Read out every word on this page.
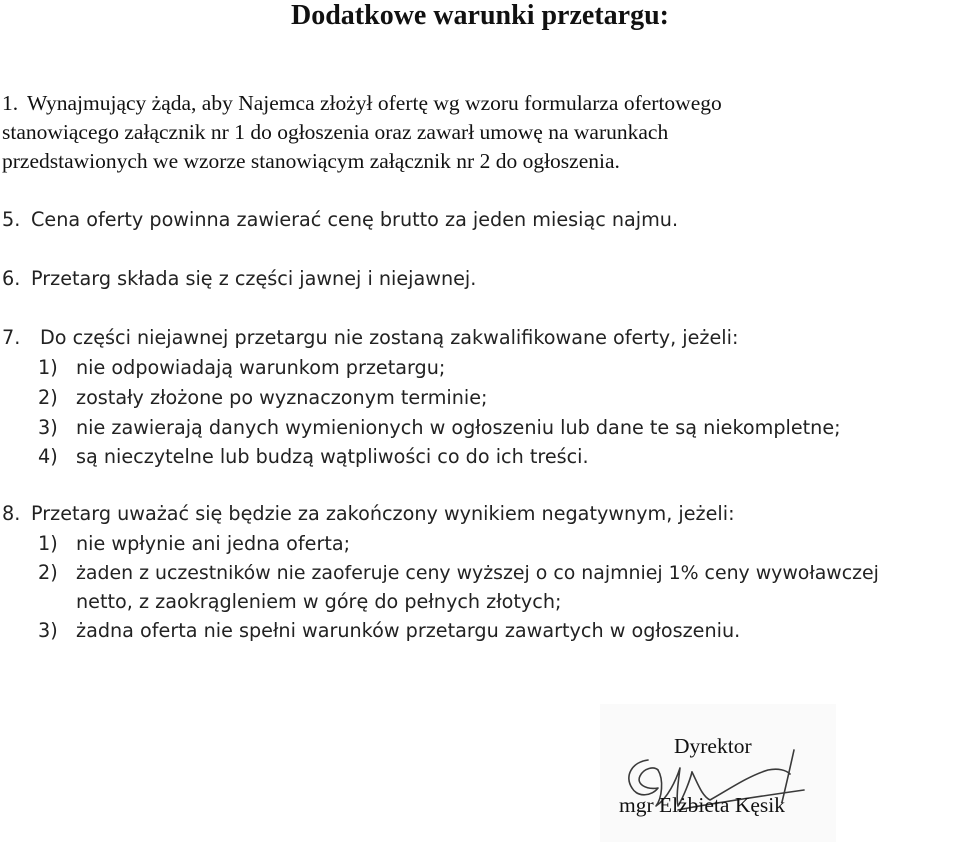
Dodatkowe warunki przetargu:
1. Wynajmujący żąda, aby Najemca złożył ofertę wg wzoru formularza ofertowego
stanowiącego załącznik nr 1 do ogłoszenia oraz zawarł umowę na warunkach
przedstawionych we wzorze stanowiącym załącznik nr 2 do ogłoszenia.
5. Cena oferty powinna zawierać cenę brutto za jeden miesiąc najmu.
6. Przetarg składa się z części jawnej i niejawnej.
7. Do części niejawnej przetargu nie zostaną zakwalifikowane oferty, jeżeli:
1) nie odpowiadają warunkom przetargu;
2) zostały złożone po wyznaczonym terminie;
3) nie zawierają danych wymienionych w ogłoszeniu lub dane te są niekompletne;
4) są nieczytelne lub budzą wątpliwości co do ich treści.
8. Przetarg uważać się będzie za zakończony wynikiem negatywnym, jeżeli:
1) nie wpłynie ani jedna oferta;
2) żaden z uczestników nie zaoferuje ceny wyższej o co najmniej 1% ceny wywoławczej
netto, z zaokrągleniem w górę do pełnych złotych;
3) żadna oferta nie spełni warunków przetargu zawartych w ogłoszeniu.
Dyrektor
mgr Elżbieta Kęsik
